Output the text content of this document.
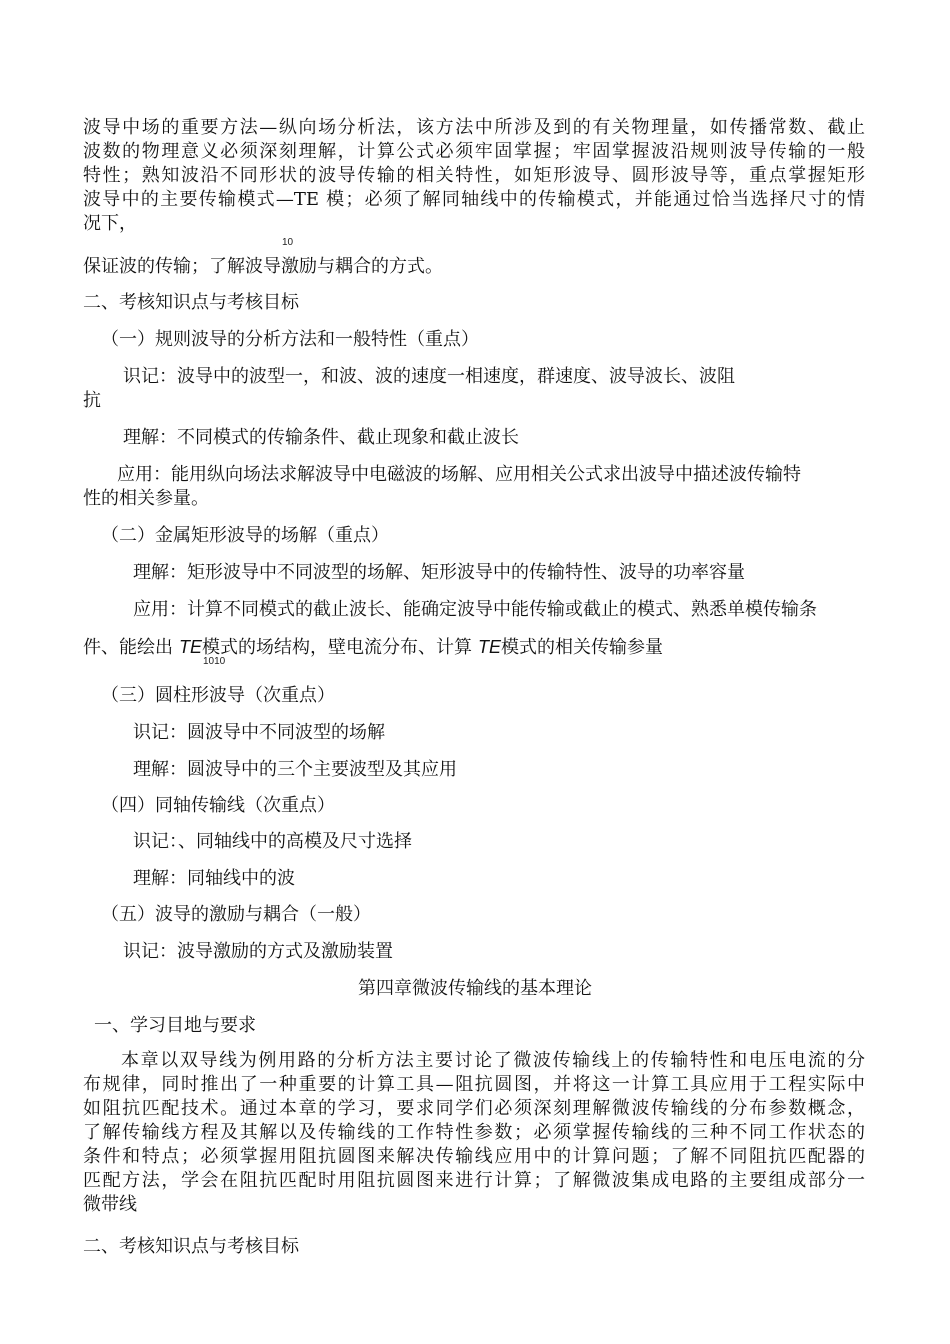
波导中场的重要方法—纵向场分析法，该方法中所涉及到的有关物理量，如传播常数、截止
波数的物理意义必须深刻理解，计算公式必须牢固掌握；牢固掌握波沿规则波导传输的一般
特性；熟知波沿不同形状的波导传输的相关特性，如矩形波导、圆形波导等，重点掌握矩形
波导中的主要传输模式—TE 模；必须了解同轴线中的传输模式，并能通过恰当选择尺寸的情
况下，
10
保证波的传输；了解波导激励与耦合的方式。
二、考核知识点与考核目标
（一）规则波导的分析方法和一般特性（重点）
识记：波导中的波型一，和波、波的速度一相速度，群速度、波导波长、波阻
抗
理解：不同模式的传输条件、截止现象和截止波长
应用：能用纵向场法求解波导中电磁波的场解、应用相关公式求出波导中描述波传输特
性的相关参量。
（二）金属矩形波导的场解（重点）
理解：矩形波导中不同波型的场解、矩形波导中的传输特性、波导的功率容量
应用：计算不同模式的截止波长、能确定波导中能传输或截止的模式、熟悉单模传输条
件、能绘出 TE模式的场结构，壁电流分布、计算 TE模式的相关传输参量
1010
（三）圆柱形波导（次重点）
识记：圆波导中不同波型的场解
理解：圆波导中的三个主要波型及其应用
（四）同轴传输线（次重点）
识记：、同轴线中的高模及尺寸选择
理解：同轴线中的波
（五）波导的激励与耦合（一般）
识记：波导激励的方式及激励装置
第四章微波传输线的基本理论
一、学习目地与要求
本章以双导线为例用路的分析方法主要讨论了微波传输线上的传输特性和电压电流的分
布规律，同时推出了一种重要的计算工具—阻抗圆图，并将这一计算工具应用于工程实际中
如阻抗匹配技术。通过本章的学习，要求同学们必须深刻理解微波传输线的分布参数概念，
了解传输线方程及其解以及传输线的工作特性参数；必须掌握传输线的三种不同工作状态的
条件和特点；必须掌握用阻抗圆图来解决传输线应用中的计算问题；了解不同阻抗匹配器的
匹配方法，学会在阻抗匹配时用阻抗圆图来进行计算；了解微波集成电路的主要组成部分一
微带线
二、考核知识点与考核目标
